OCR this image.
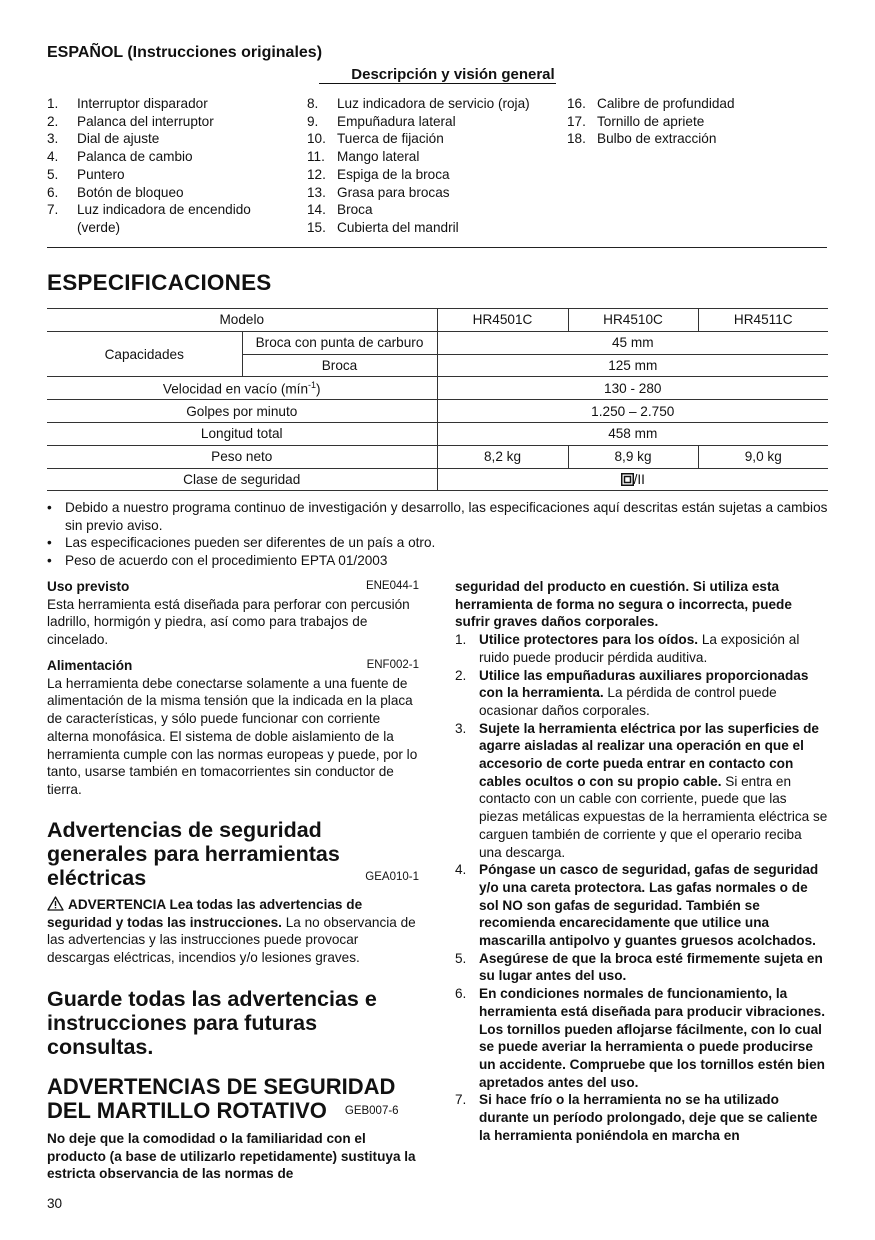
ESPAÑOL (Instrucciones originales)
Descripción y visión general
1.	Interruptor disparador
2.	Palanca del interruptor
3.	Dial de ajuste
4.	Palanca de cambio
5.	Puntero
6.	Botón de bloqueo
7.	Luz indicadora de encendido (verde)
8.	Luz indicadora de servicio (roja)
9.	Empuñadura lateral
10. Tuerca de fijación
11. Mango lateral
12. Espiga de la broca
13. Grasa para brocas
14. Broca
15. Cubierta del mandril
16. Calibre de profundidad
17. Tornillo de apriete
18. Bulbo de extracción
ESPECIFICACIONES
Modelo		HR4501C	HR4510C	HR4511C
Capacidades	Broca con punta de carburo	45 mm		
	Broca	125 mm		
Velocidad en vacío (mín$^{-1}$)		130 - 280		
Golpes por minuto		1.250 – 2.750		
Longitud total		458 mm		
Peso neto		8,2 kg	8,9 kg	9,0 kg
Clase de seguridad		/II		
• Debido a nuestro programa continuo de investigación y desarrollo, las especificaciones aquí descritas están sujetas a cambios sin previo aviso.
• Las especificaciones pueden ser diferentes de un país a otro.
• Peso de acuerdo con el procedimiento EPTA 01/2003
Uso previsto	ENE044-1
Esta herramienta está diseñada para perforar con percusión ladrillo, hormigón y piedra, así como para trabajos de cincelado.
Alimentación	ENF002-1
La herramienta debe conectarse solamente a una fuente de alimentación de la misma tensión que la indicada en la placa de características, y sólo puede funcionar con corriente alterna monofásica. El sistema de doble aislamiento de la herramienta cumple con las normas europeas y puede, por lo tanto, usarse también en tomacorrientes sin conductor de tierra.
Advertencias de seguridad
generales para herramientas
eléctricas	GEA010-1
ADVERTENCIA Lea todas las advertencias de seguridad y todas las instrucciones. La no observancia de las advertencias y las instrucciones puede provocar descargas eléctricas, incendios y/o lesiones graves.
Guarde todas las advertencias e
instrucciones para futuras
consultas.
ADVERTENCIAS DE SEGURIDAD
DEL MARTILLO ROTATIVO GEB007-6
No deje que la comodidad o la familiaridad con el producto (a base de utilizarlo repetidamente) sustituya la estricta observancia de las normas de
seguridad del producto en cuestión. Si utiliza esta herramienta de forma no segura o incorrecta, puede sufrir graves daños corporales.
1. Utilice protectores para los oídos. La exposición al ruido puede producir pérdida auditiva.
2. Utilice las empuñaduras auxiliares proporcionadas con la herramienta. La pérdida de control puede ocasionar daños corporales.
3. Sujete la herramienta eléctrica por las superficies de agarre aisladas al realizar una operación en que el accesorio de corte pueda entrar en contacto con cables ocultos o con su propio cable. Si entra en contacto con un cable con corriente, puede que las piezas metálicas expuestas de la herramienta eléctrica se carguen también de corriente y que el operario reciba una descarga.
4. Póngase un casco de seguridad, gafas de seguridad y/o una careta protectora. Las gafas normales o de sol NO son gafas de seguridad. También se recomienda encarecidamente que utilice una mascarilla antipolvo y guantes gruesos acolchados.
5. Asegúrese de que la broca esté firmemente sujeta en su lugar antes del uso.
6. En condiciones normales de funcionamiento, la herramienta está diseñada para producir vibraciones. Los tornillos pueden aflojarse fácilmente, con lo cual se puede averiar la herramienta o puede producirse un accidente. Compruebe que los tornillos estén bien apretados antes del uso.
7. Si hace frío o la herramienta no se ha utilizado durante un período prolongado, deje que se caliente la herramienta poniéndola en marcha en
30
